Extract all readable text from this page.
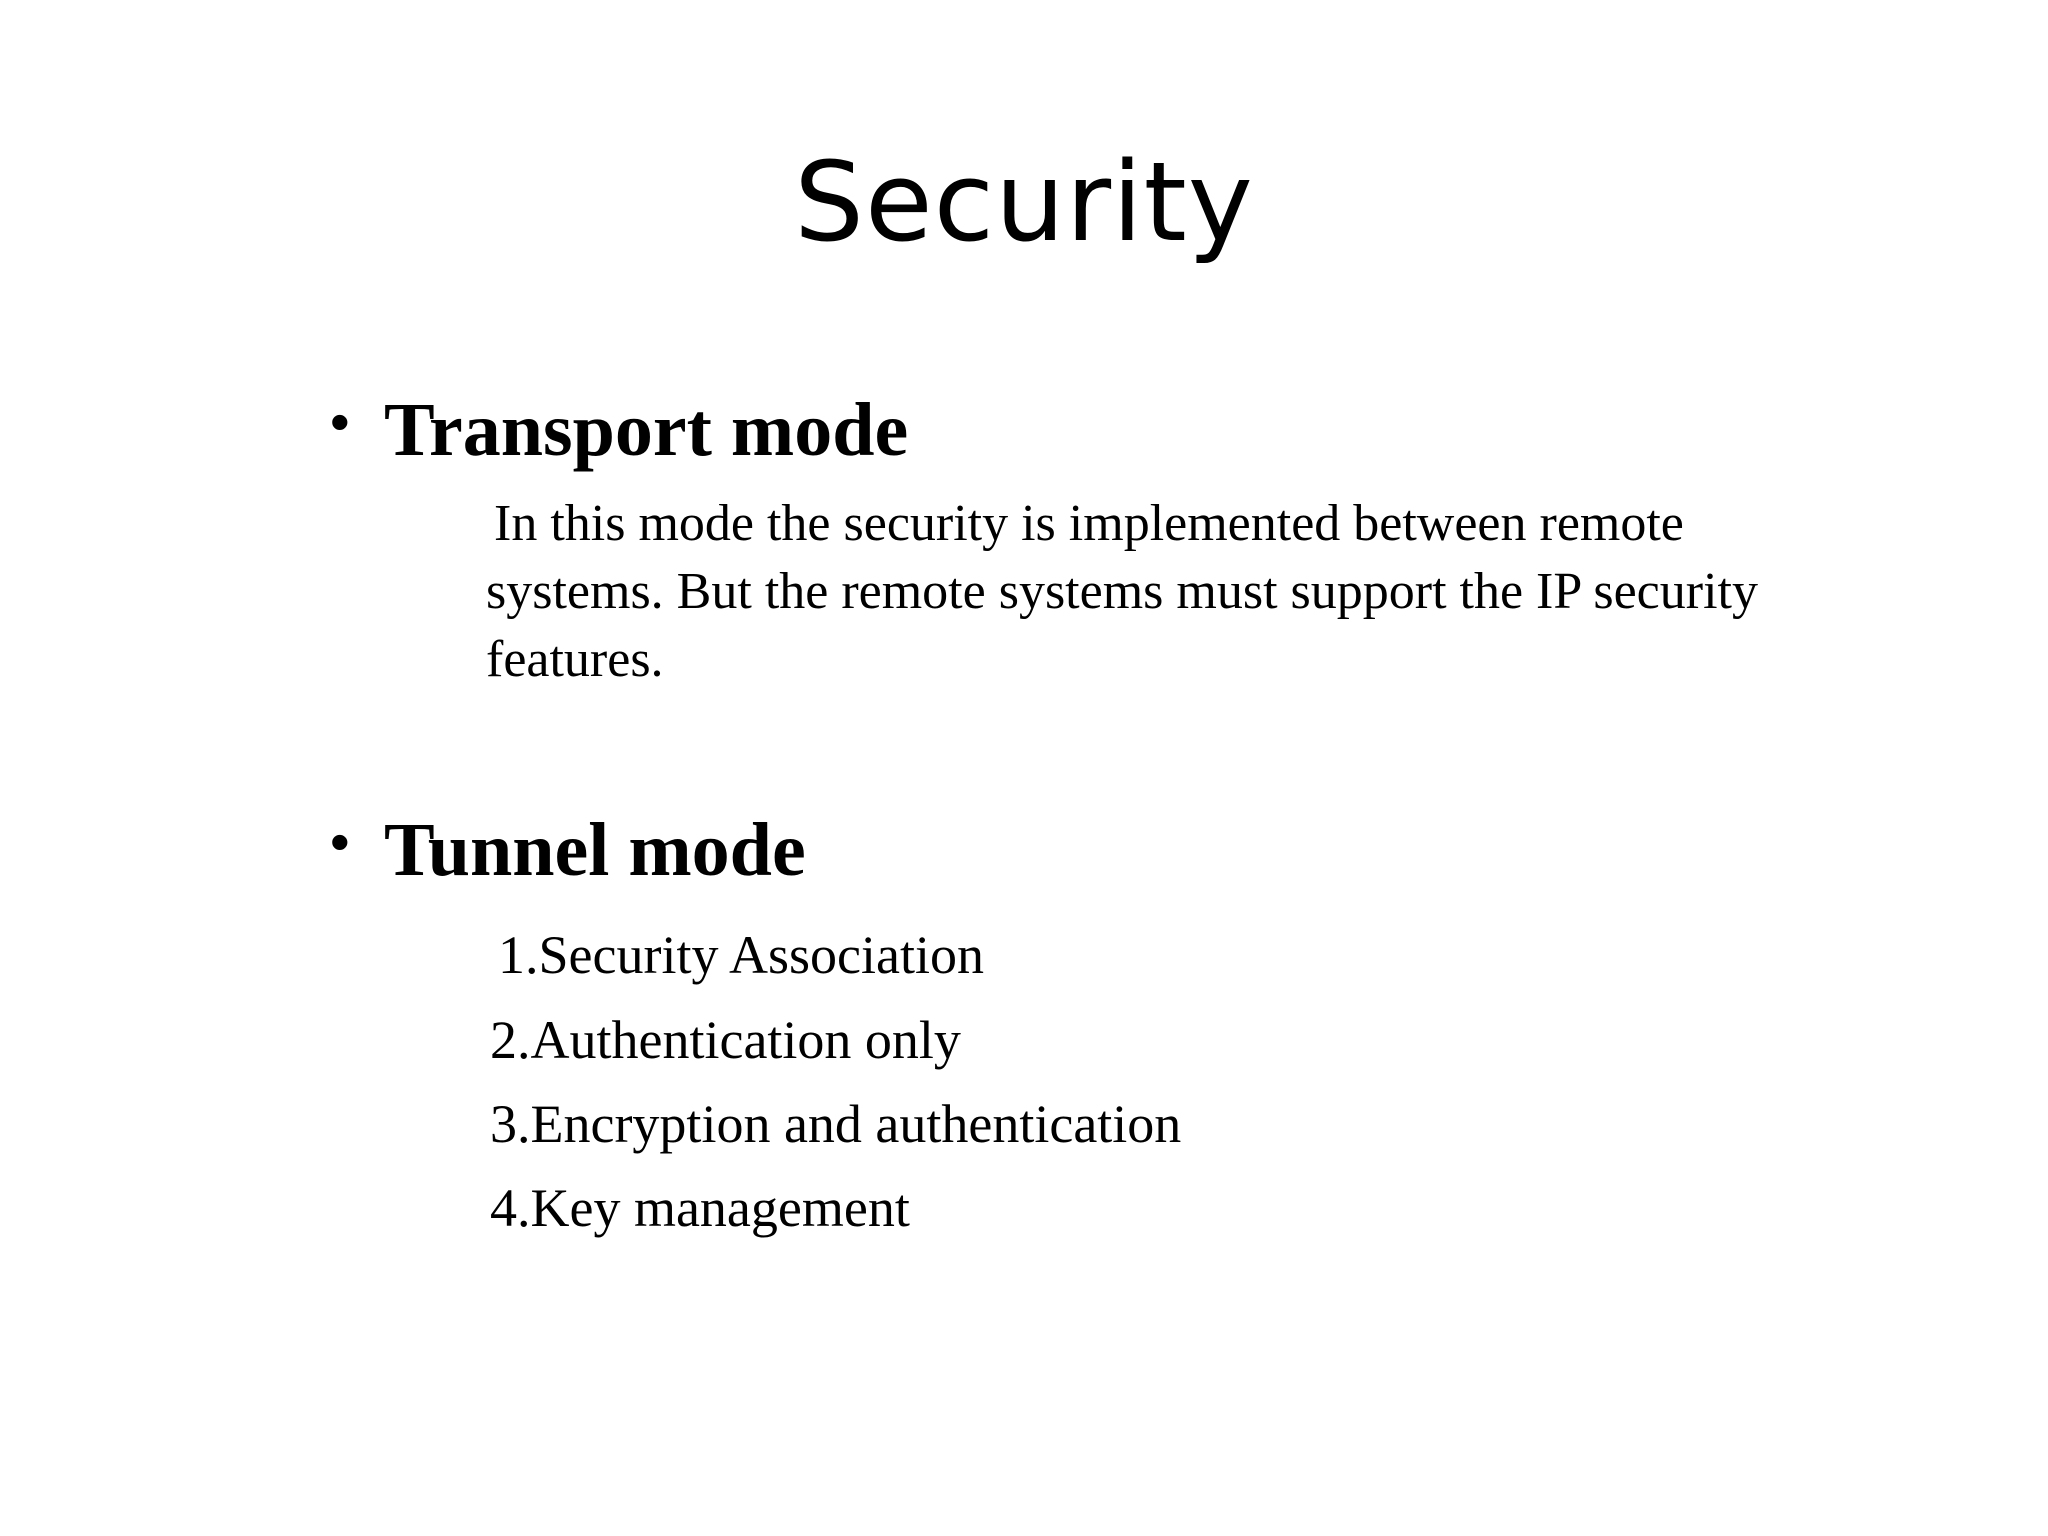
Security
• Transport mode
In this mode the security is implemented between remote
systems. But the remote systems must support the IP security
features.
• Tunnel mode
1.Security Association
2.Authentication only
3.Encryption and authentication
4.Key management
